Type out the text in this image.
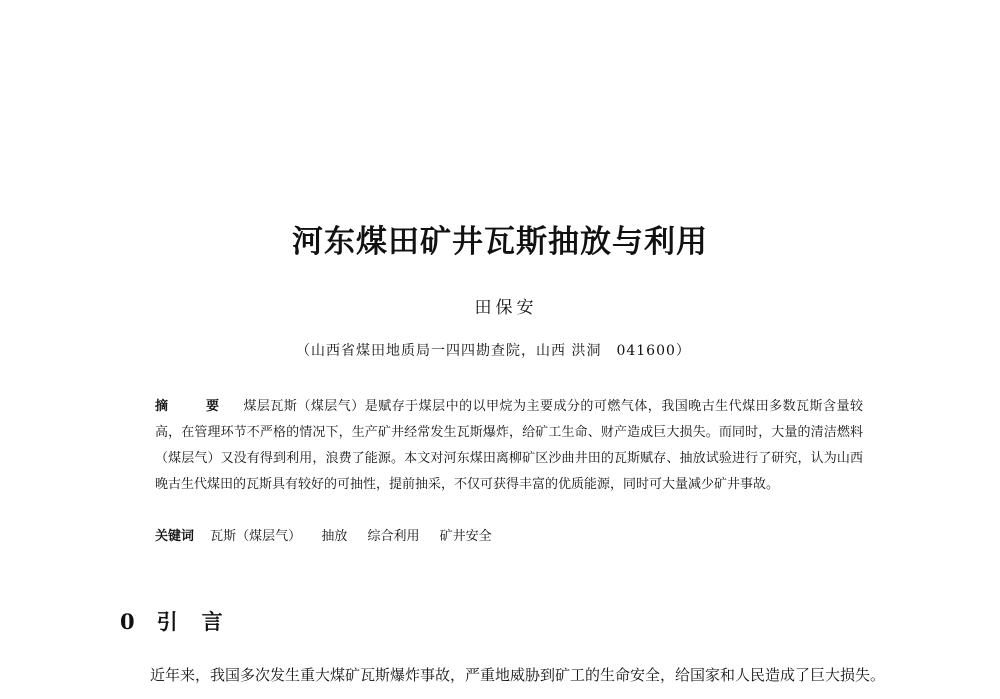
河东煤田矿井瓦斯抽放与利用
田保安
（山西省煤田地质局一四四勘查院，山西 洪洞　041600）
摘　要 煤层瓦斯（煤层气）是赋存于煤层中的以甲烷为主要成分的可燃气体，我国晚古生代煤田多数瓦斯含量较高，在管理环节不严格的情况下，生产矿井经常发生瓦斯爆炸，给矿工生命、财产造成巨大损失。而同时，大量的清洁燃料（煤层气）又没有得到利用，浪费了能源。本文对河东煤田离柳矿区沙曲井田的瓦斯赋存、抽放试验进行了研究，认为山西晚古生代煤田的瓦斯具有较好的可抽性，提前抽采，不仅可获得丰富的优质能源，同时可大量减少矿井事故。
关键词 瓦斯（煤层气） 抽放 综合利用 矿井安全
0 引言

近年来，我国多次发生重大煤矿瓦斯爆炸事故，严重地威胁到矿工的生命安全，给国家和人民造成了巨大损失。
